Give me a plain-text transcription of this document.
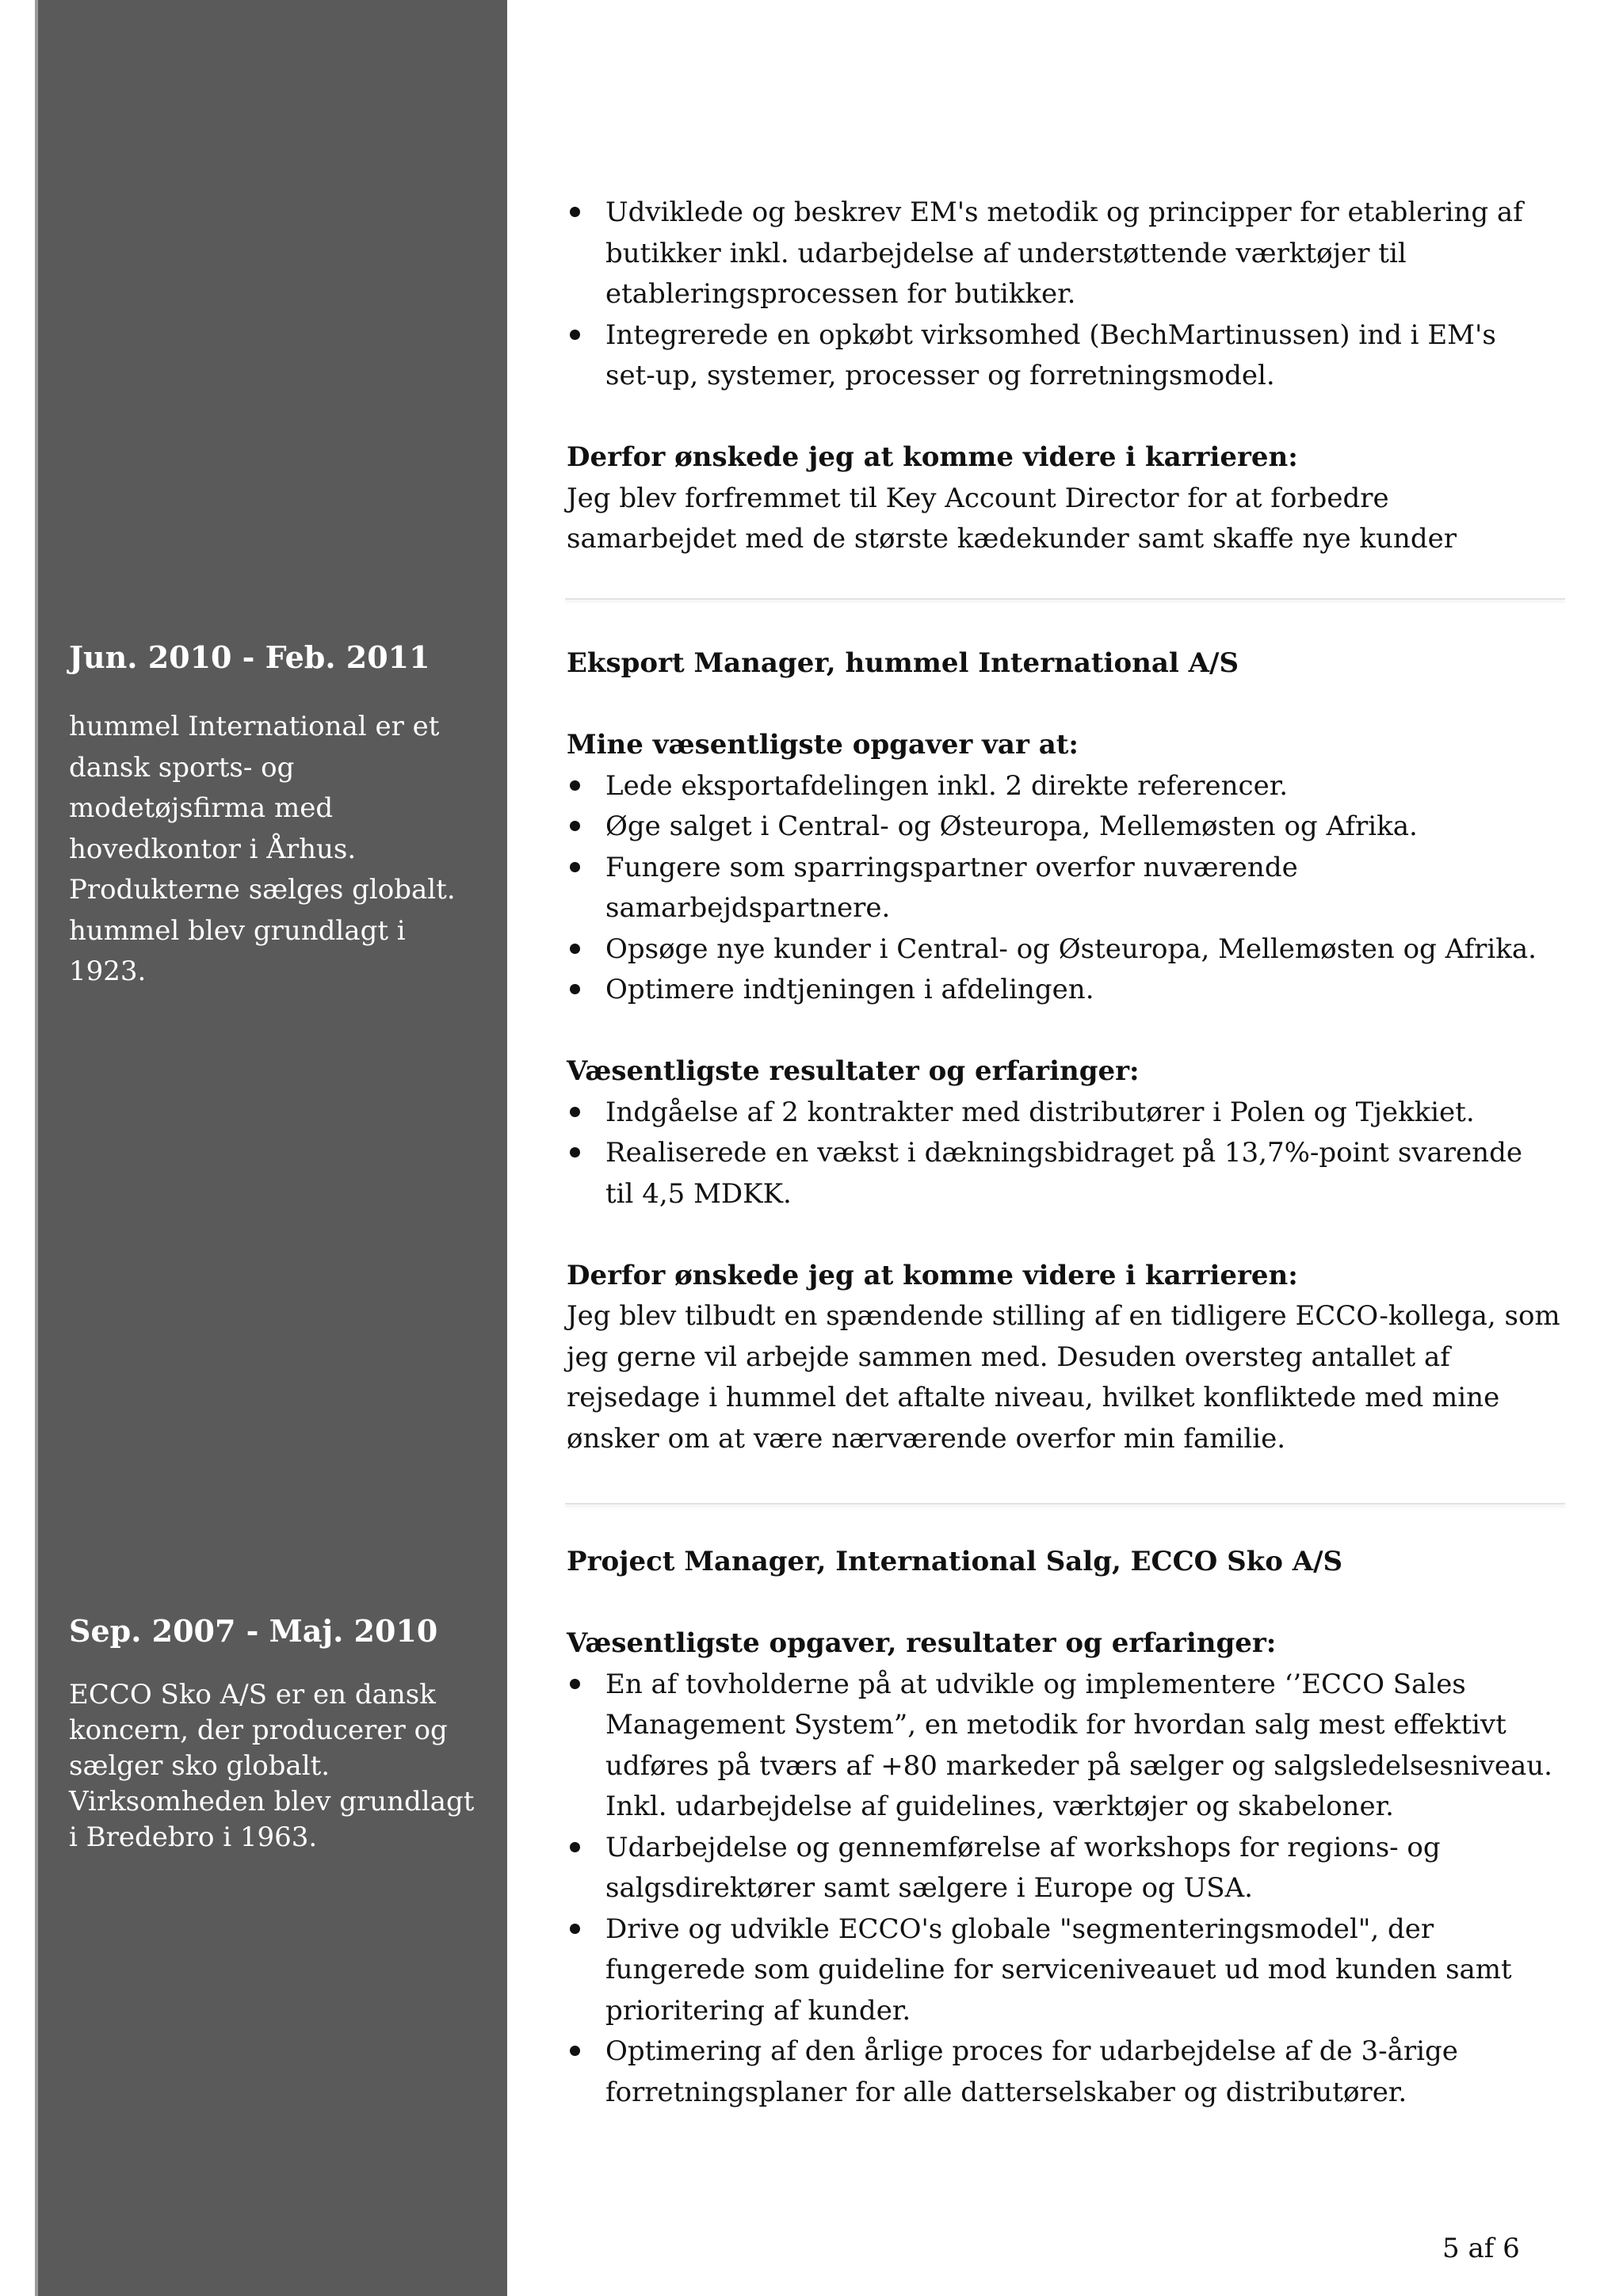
Jun. 2010 - Feb. 2011
hummel International er et
dansk sports- og
modetøjsfirma med
hovedkontor i Århus.
Produkterne sælges globalt.
hummel blev grundlagt i
1923.
Sep. 2007 - Maj. 2010
ECCO Sko A/S er en dansk
koncern, der producerer og
sælger sko globalt.
Virksomheden blev grundlagt
i Bredebro i 1963.
Udviklede og beskrev EM's metodik og principper for etablering af
butikker inkl. udarbejdelse af understøttende værktøjer til
etableringsprocessen for butikker.
Integrerede en opkøbt virksomhed (BechMartinussen) ind i EM's
set-up, systemer, processer og forretningsmodel.
Derfor ønskede jeg at komme videre i karrieren:
Jeg blev forfremmet til Key Account Director for at forbedre
samarbejdet med de største kædekunder samt skaffe nye kunder
Eksport Manager, hummel International A/S
Mine væsentligste opgaver var at:
Lede eksportafdelingen inkl. 2 direkte referencer.
Øge salget i Central- og Østeuropa, Mellemøsten og Afrika.
Fungere som sparringspartner overfor nuværende
samarbejdspartnere.
Opsøge nye kunder i Central- og Østeuropa, Mellemøsten og Afrika.
Optimere indtjeningen i afdelingen.
Væsentligste resultater og erfaringer:
Indgåelse af 2 kontrakter med distributører i Polen og Tjekkiet.
Realiserede en vækst i dækningsbidraget på 13,7%-point svarende
til 4,5 MDKK.
Derfor ønskede jeg at komme videre i karrieren:
Jeg blev tilbudt en spændende stilling af en tidligere ECCO-kollega, som
jeg gerne vil arbejde sammen med. Desuden oversteg antallet af
rejsedage i hummel det aftalte niveau, hvilket konfliktede med mine
ønsker om at være nærværende overfor min familie.
Project Manager, International Salg, ECCO Sko A/S
Væsentligste opgaver, resultater og erfaringer:
En af tovholderne på at udvikle og implementere ‘’ECCO Sales
Management System”, en metodik for hvordan salg mest effektivt
udføres på tværs af +80 markeder på sælger og salgsledelsesniveau.
Inkl. udarbejdelse af guidelines, værktøjer og skabeloner.
Udarbejdelse og gennemførelse af workshops for regions- og
salgsdirektører samt sælgere i Europe og USA.
Drive og udvikle ECCO's globale "segmenteringsmodel", der
fungerede som guideline for serviceniveauet ud mod kunden samt
prioritering af kunder.
Optimering af den årlige proces for udarbejdelse af de 3-årige
forretningsplaner for alle datterselskaber og distributører.
5 af 6
